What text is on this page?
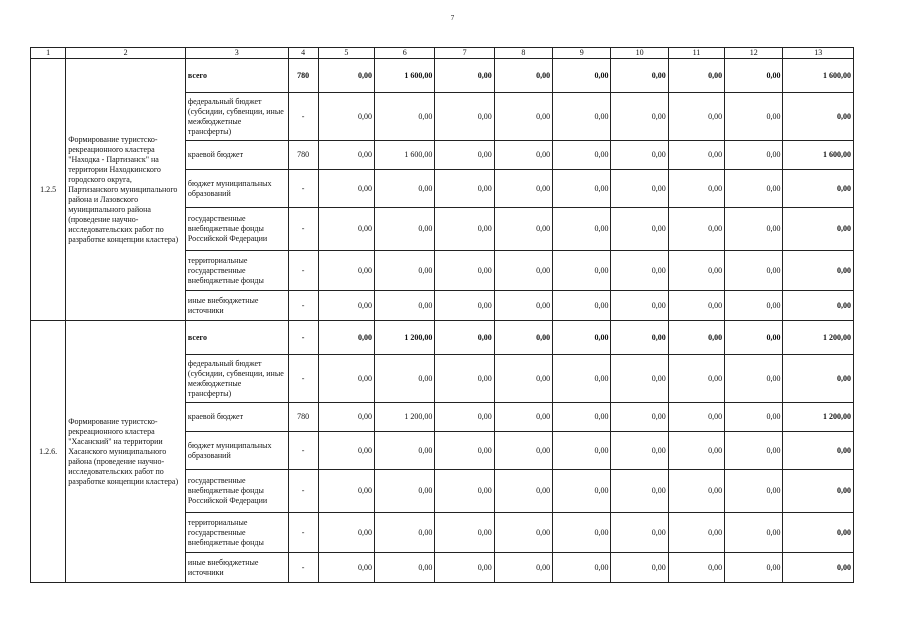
7
1	2	3	4	5	6	7	8	9	10	11	12	13
1.2.5	Формирование туристско-рекреационного кластера "Находка - Партизанск" на территории Находкинского городского округа, Партизанского муниципального района и Лазовского муниципального района (проведение научно-исследовательских работ по разработке концепции кластера)	всего	780	0,00	1 600,00	0,00	0,00	0,00	0,00	0,00	0,00	1 600,00
		федеральный бюджет (субсидии, субвенции, иные межбюджетные трансферты)	-	0,00	0,00	0,00	0,00	0,00	0,00	0,00	0,00	0,00
		краевой бюджет	780	0,00	1 600,00	0,00	0,00	0,00	0,00	0,00	0,00	1 600,00
		бюджет муниципальных образований	-	0,00	0,00	0,00	0,00	0,00	0,00	0,00	0,00	0,00
		государственные внебюджетные фонды Российской Федерации	-	0,00	0,00	0,00	0,00	0,00	0,00	0,00	0,00	0,00
		территориальные государственные внебюджетные фонды	-	0,00	0,00	0,00	0,00	0,00	0,00	0,00	0,00	0,00
		иные внебюджетные источники	-	0,00	0,00	0,00	0,00	0,00	0,00	0,00	0,00	0,00
1.2.6.	Формирование туристско-рекреационного кластера "Хасанский" на территории Хасанского муниципального района (проведение научно-исследовательских работ по разработке концепции кластера)	всего	-	0,00	1 200,00	0,00	0,00	0,00	0,00	0,00	0,00	1 200,00
		федеральный бюджет (субсидии, субвенции, иные межбюджетные трансферты)	-	0,00	0,00	0,00	0,00	0,00	0,00	0,00	0,00	0,00
		краевой бюджет	780	0,00	1 200,00	0,00	0,00	0,00	0,00	0,00	0,00	1 200,00
		бюджет муниципальных образований	-	0,00	0,00	0,00	0,00	0,00	0,00	0,00	0,00	0,00
		государственные внебюджетные фонды Российской Федерации	-	0,00	0,00	0,00	0,00	0,00	0,00	0,00	0,00	0,00
		территориальные государственные внебюджетные фонды	-	0,00	0,00	0,00	0,00	0,00	0,00	0,00	0,00	0,00
		иные внебюджетные источники	-	0,00	0,00	0,00	0,00	0,00	0,00	0,00	0,00	0,00
